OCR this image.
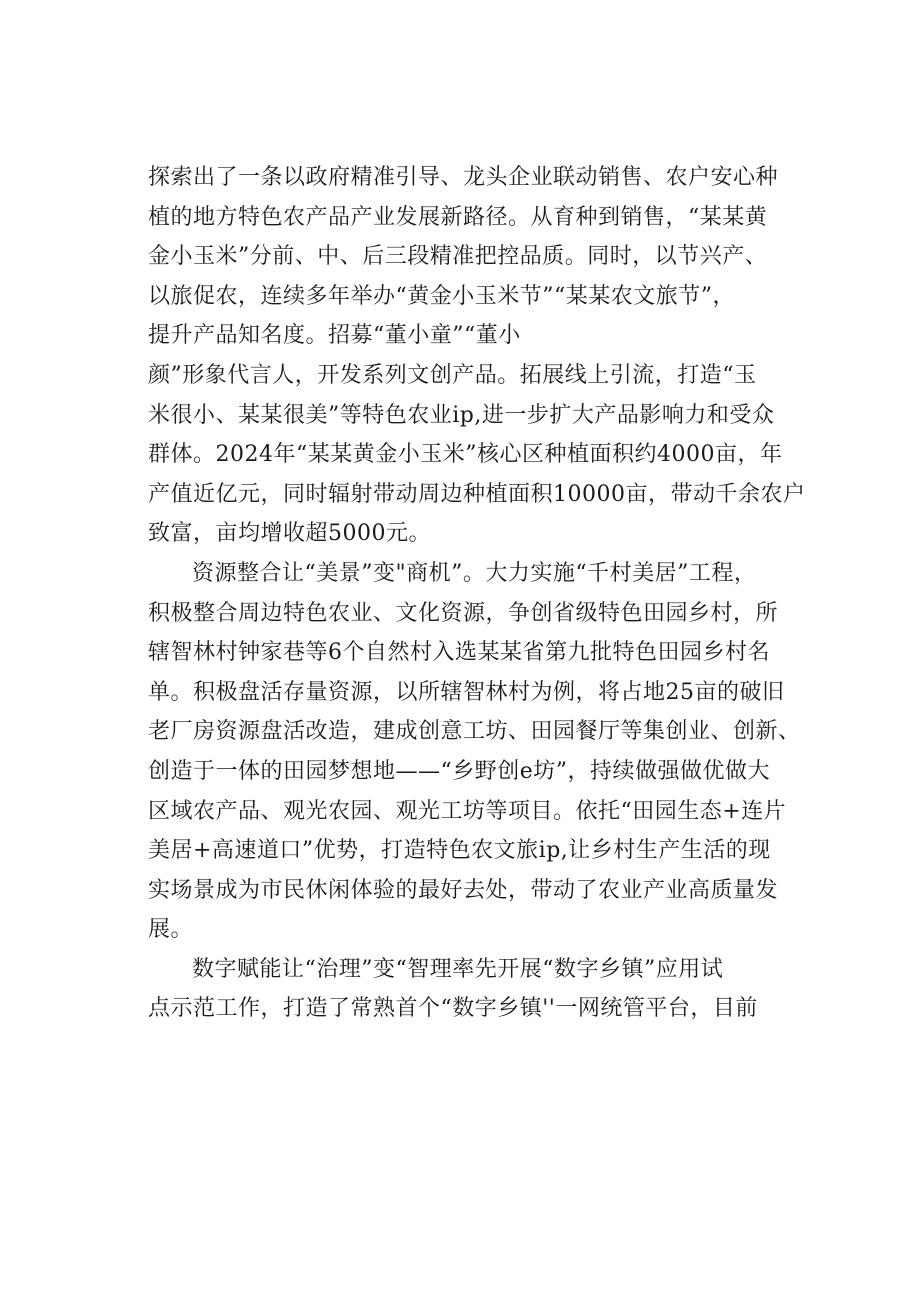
探索出了一条以政府精准引导、龙头企业联动销售、农户安心种
植的地方特色农产品产业发展新路径。从育种到销售，“某某黄
金小玉米”分前、中、后三段精准把控品质。同时，以节兴产、
以旅促农，连续多年举办“黄金小玉米节”“某某农文旅节”，
提升产品知名度。招募“董小童”“董小
颜”形象代言人，开发系列文创产品。拓展线上引流，打造“玉
米很小、某某很美”等特色农业ip,进一步扩大产品影响力和受众
群体。2024年“某某黄金小玉米”核心区种植面积约4000亩，年
产值近亿元，同时辐射带动周边种植面积10000亩，带动千余农户
致富，亩均增收超5000元。
资源整合让“美景”变"商机”。大力实施“千村美居”工程，
积极整合周边特色农业、文化资源，争创省级特色田园乡村，所
辖智林村钟家巷等6个自然村入选某某省第九批特色田园乡村名
单。积极盘活存量资源，以所辖智林村为例，将占地25亩的破旧
老厂房资源盘活改造，建成创意工坊、田园餐厅等集创业、创新、
创造于一体的田园梦想地——“乡野创e坊”，持续做强做优做大
区域农产品、观光农园、观光工坊等项目。依托“田园生态+连片
美居+高速道口”优势，打造特色农文旅ip,让乡村生产生活的现
实场景成为市民休闲体验的最好去处，带动了农业产业高质量发
展。
数字赋能让“治理”变“智理率先开展“数字乡镇”应用试
点示范工作，打造了常熟首个“数字乡镇''一网统管平台，目前
